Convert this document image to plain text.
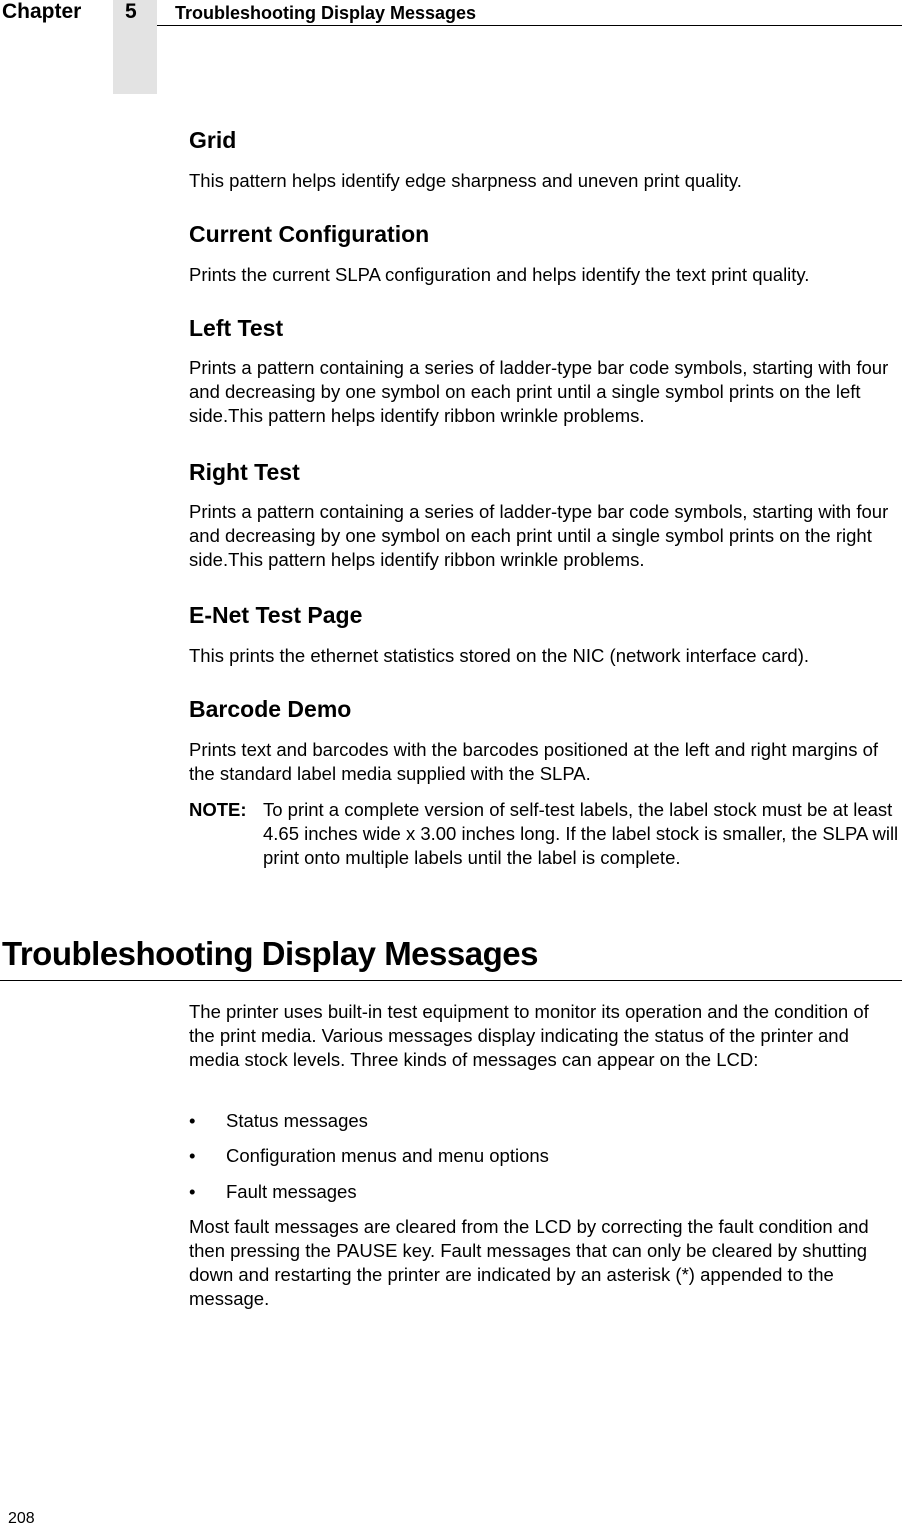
Chapter 5 Troubleshooting Display Messages
Grid

This pattern helps identify edge sharpness and uneven print quality.

Current Configuration

Prints the current SLPA configuration and helps identify the text print quality.

Left Test

Prints a pattern containing a series of ladder-type bar code symbols, starting with four and decreasing by one symbol on each print until a single symbol prints on the left side.This pattern helps identify ribbon wrinkle problems.

Right Test

Prints a pattern containing a series of ladder-type bar code symbols, starting with four and decreasing by one symbol on each print until a single symbol prints on the right side.This pattern helps identify ribbon wrinkle problems.

E-Net Test Page

This prints the ethernet statistics stored on the NIC (network interface card).

Barcode Demo

Prints text and barcodes with the barcodes positioned at the left and right margins of the standard label media supplied with the SLPA.

NOTE: To print a complete version of self-test labels, the label stock must be at least 4.65 inches wide x 3.00 inches long. If the label stock is smaller, the SLPA will print onto multiple labels until the label is complete.

Troubleshooting Display Messages

The printer uses built-in test equipment to monitor its operation and the condition of the print media. Various messages display indicating the status of the printer and media stock levels. Three kinds of messages can appear on the LCD:

• Status messages
• Configuration menus and menu options
• Fault messages

Most fault messages are cleared from the LCD by correcting the fault condition and then pressing the PAUSE key. Fault messages that can only be cleared by shutting down and restarting the printer are indicated by an asterisk (*) appended to the message.

208
